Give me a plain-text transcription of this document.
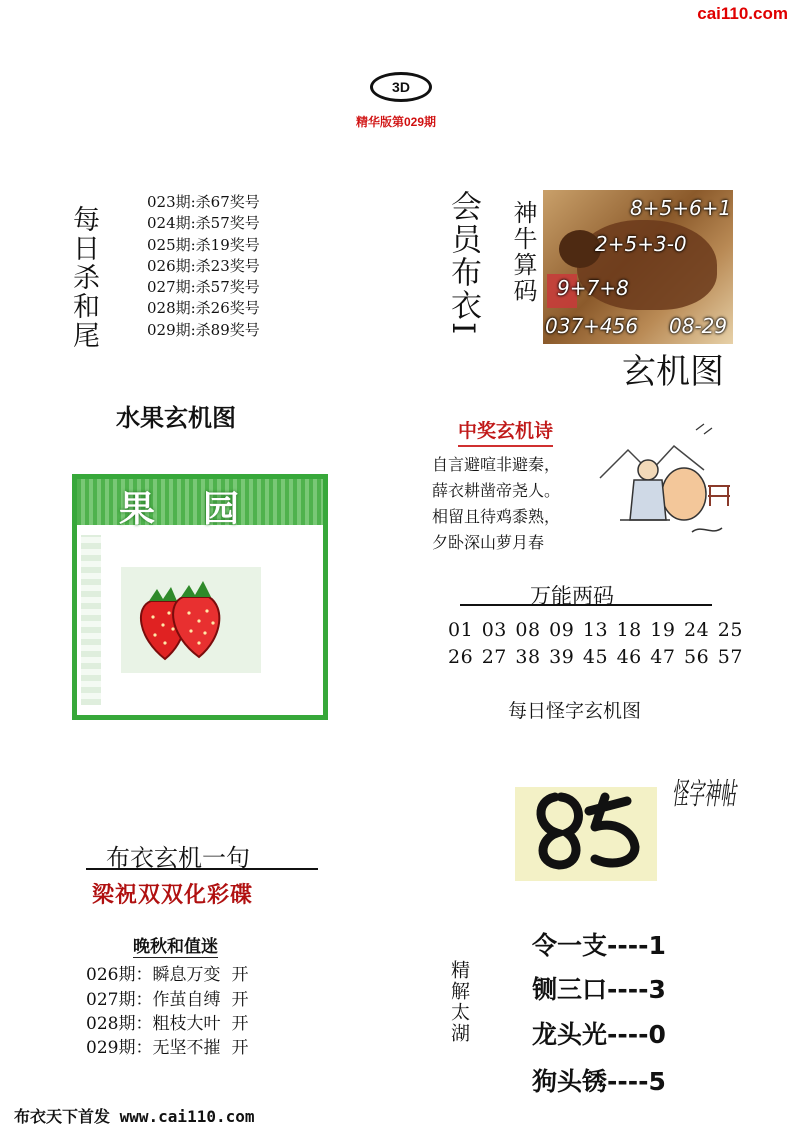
cai110.com
3D
精华版第029期
每日杀和尾
023期:杀67奖号
024期:杀57奖号
025期:杀19奖号
026期:杀23奖号
027期:杀57奖号
028期:杀26奖号
029期:杀89奖号	会员布衣I 神牛算码	8+5+6+1
2+5+3-0
9+7+8
037+456 08-29
玄机图
水果玄机图
果园
中奖玄机诗
自言避喧非避秦，
薛衣耕凿帝尧人。
相留且待鸡黍熟，
夕卧深山萝月春
万能两码
01 03 08 09 13 18 19 24 25
26 27 38 39 45 46 47 56 57
每日怪字玄机图
怪字神帖
布衣玄机一句
梁祝双双化彩碟
晚秋和值迷
026期：瞬息万变 开
027期：作茧自缚 开
028期：粗枝大叶 开
029期：无坚不摧 开
精解太湖
令一支----1
铡三口----3
龙头光----0
狗头锈----5
布衣天下首发 www.cai110.com
